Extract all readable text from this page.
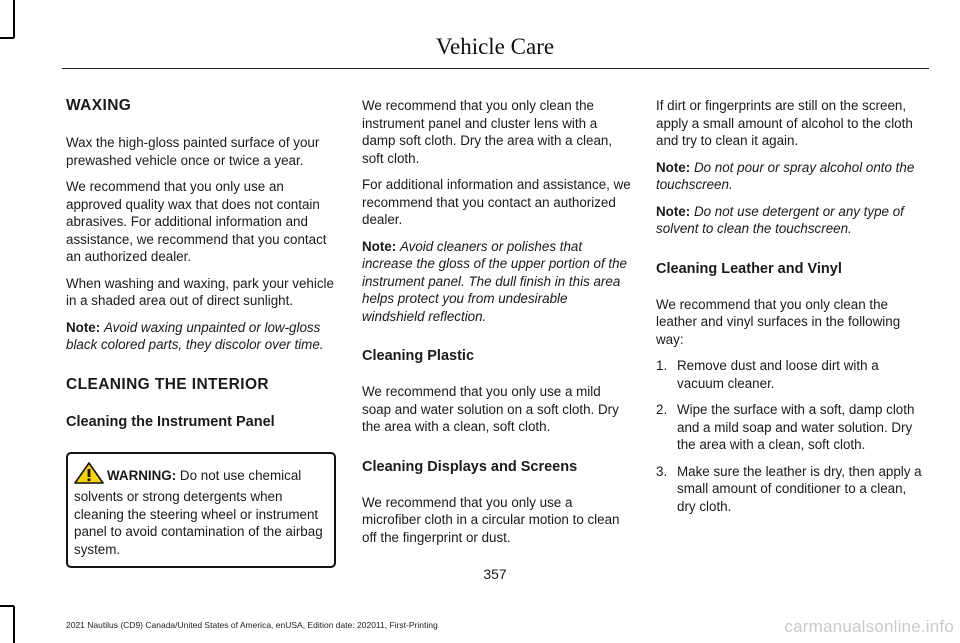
Vehicle Care
WAXING

Wax the high-gloss painted surface of your prewashed vehicle once or twice a year.

We recommend that you only use an approved quality wax that does not contain abrasives. For additional information and assistance, we recommend that you contact an authorized dealer.

When washing and waxing, park your vehicle in a shaded area out of direct sunlight.

Note: Avoid waxing unpainted or low-gloss black colored parts, they discolor over time.

CLEANING THE INTERIOR
Cleaning the Instrument Panel
WARNING: Do not use chemical solvents or strong detergents when cleaning the steering wheel or instrument panel to avoid contamination of the airbag system.

We recommend that you only clean the instrument panel and cluster lens with a damp soft cloth. Dry the area with a clean, soft cloth.

For additional information and assistance, we recommend that you contact an authorized dealer.

Note: Avoid cleaners or polishes that increase the gloss of the upper portion of the instrument panel. The dull finish in this area helps protect you from undesirable windshield reflection.

Cleaning Plastic

We recommend that you only use a mild soap and water solution on a soft cloth. Dry the area with a clean, soft cloth.

Cleaning Displays and Screens

We recommend that you only use a microfiber cloth in a circular motion to clean off the fingerprint or dust.

If dirt or fingerprints are still on the screen, apply a small amount of alcohol to the cloth and try to clean it again.

Note: Do not pour or spray alcohol onto the touchscreen.

Note: Do not use detergent or any type of solvent to clean the touchscreen.

Cleaning Leather and Vinyl

We recommend that you only clean the leather and vinyl surfaces in the following way:

1. Remove dust and loose dirt with a vacuum cleaner.
2. Wipe the surface with a soft, damp cloth and a mild soap and water solution. Dry the area with a clean, soft cloth.
3. Make sure the leather is dry, then apply a small amount of conditioner to a clean, dry cloth.
357
2021 Nautilus (CD9) Canada/United States of America, enUSA, Edition date: 202011, First-Printing	carmanualsonline.info
